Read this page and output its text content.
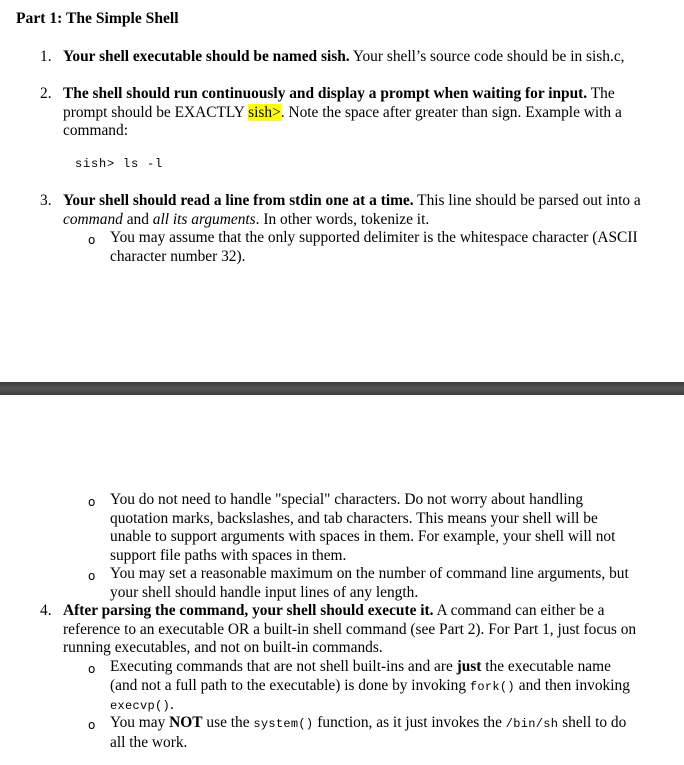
Part 1: The Simple Shell
1. Your shell executable should be named sish. Your shell’s source code should be in sish.c,
2. The shell should run continuously and display a prompt when waiting for input. The prompt should be EXACTLY sish>. Note the space after greater than sign. Example with a command:
sish> ls -l
3. Your shell should read a line from stdin one at a time. This line should be parsed out into a command and all its arguments. In other words, tokenize it.
o You may assume that the only supported delimiter is the whitespace character (ASCII character number 32).
o You do not need to handle "special" characters. Do not worry about handling quotation marks, backslashes, and tab characters. This means your shell will be unable to support arguments with spaces in them. For example, your shell will not support file paths with spaces in them.
o You may set a reasonable maximum on the number of command line arguments, but your shell should handle input lines of any length.
4. After parsing the command, your shell should execute it. A command can either be a reference to an executable OR a built-in shell command (see Part 2). For Part 1, just focus on running executables, and not on built-in commands.
o Executing commands that are not shell built-ins and are just the executable name (and not a full path to the executable) is done by invoking fork() and then invoking execvp().
o You may NOT use the system() function, as it just invokes the /bin/sh shell to do all the work.
